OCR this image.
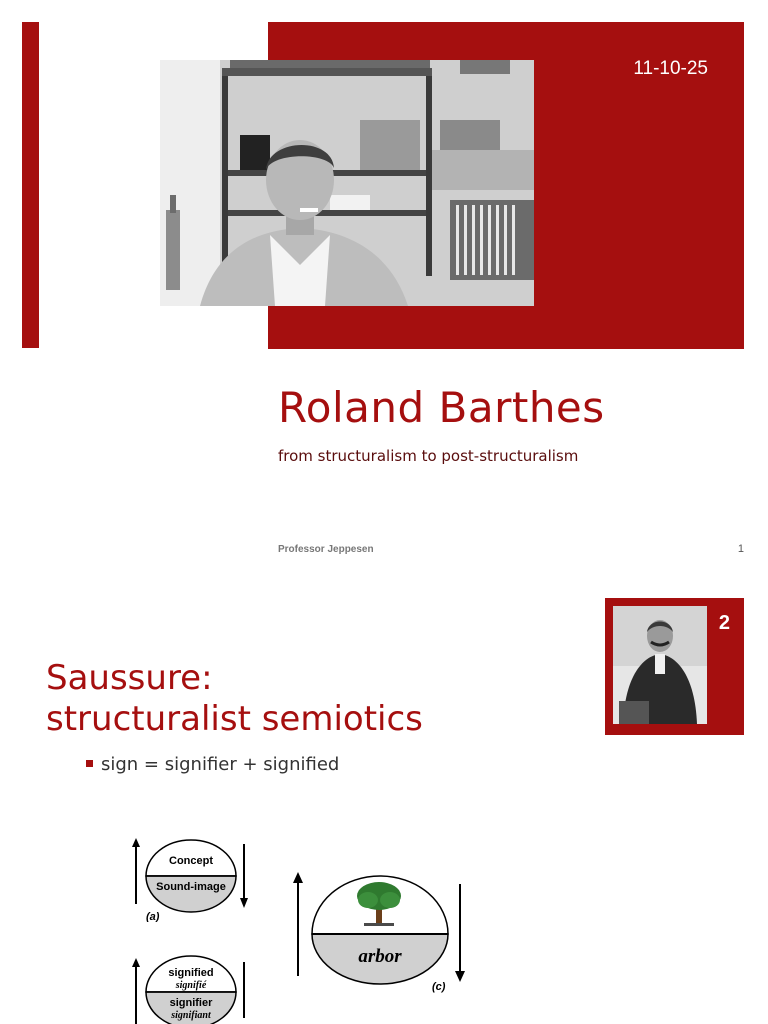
11-10-25
Roland Barthes
from structuralism to post-structuralism
Professor Jeppesen	1
2
Saussure:
structuralist semiotics
sign = signifier + signified
Concept
Sound-image
(a)
signified
signifié
signifier
signifiant
arbor
(c)
